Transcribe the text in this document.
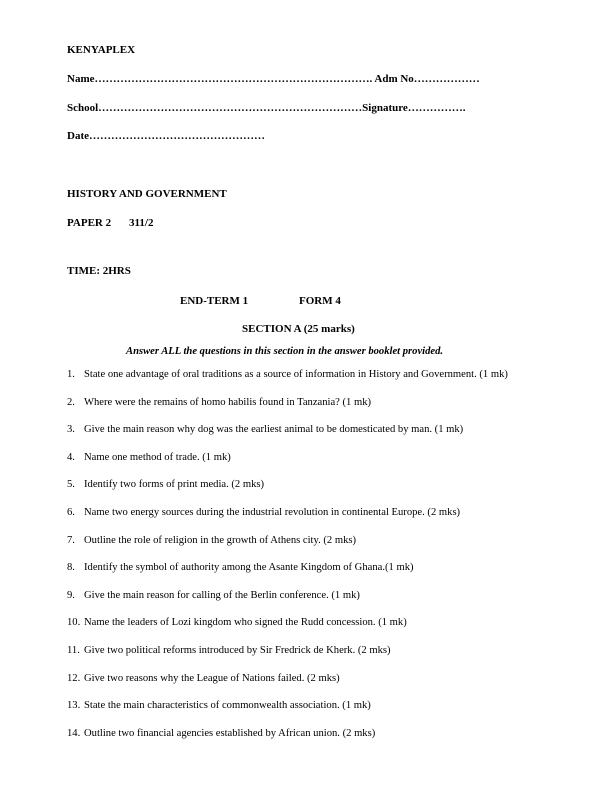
KENYAPLEX
Name…………………………………………………………………. Adm No………………
School………………………………………………………………Signature…………….
Date…………………………………………
HISTORY AND GOVERNMENT
PAPER 2 311/2
TIME: 2HRS
END-TERM 1	FORM 4
SECTION A (25 marks)
Answer ALL the questions in this section in the answer booklet provided.
1. State one advantage of oral traditions as a source of information in History and Government. (1 mk)
2. Where were the remains of homo habilis found in Tanzania? (1 mk)
3. Give the main reason why dog was the earliest animal to be domesticated by man. (1 mk)
4. Name one method of trade. (1 mk)
5. Identify two forms of print media. (2 mks)
6. Name two energy sources during the industrial revolution in continental Europe. (2 mks)
7. Outline the role of religion in the growth of Athens city. (2 mks)
8. Identify the symbol of authority among the Asante Kingdom of Ghana.(1 mk)
9. Give the main reason for calling of the Berlin conference. (1 mk)
10. Name the leaders of Lozi kingdom who signed the Rudd concession. (1 mk)
11. Give two political reforms introduced by Sir Fredrick de Kherk. (2 mks)
12. Give two reasons why the League of Nations failed. (2 mks)
13. State the main characteristics of commonwealth association. (1 mk)
14. Outline two financial agencies established by African union. (2 mks)
